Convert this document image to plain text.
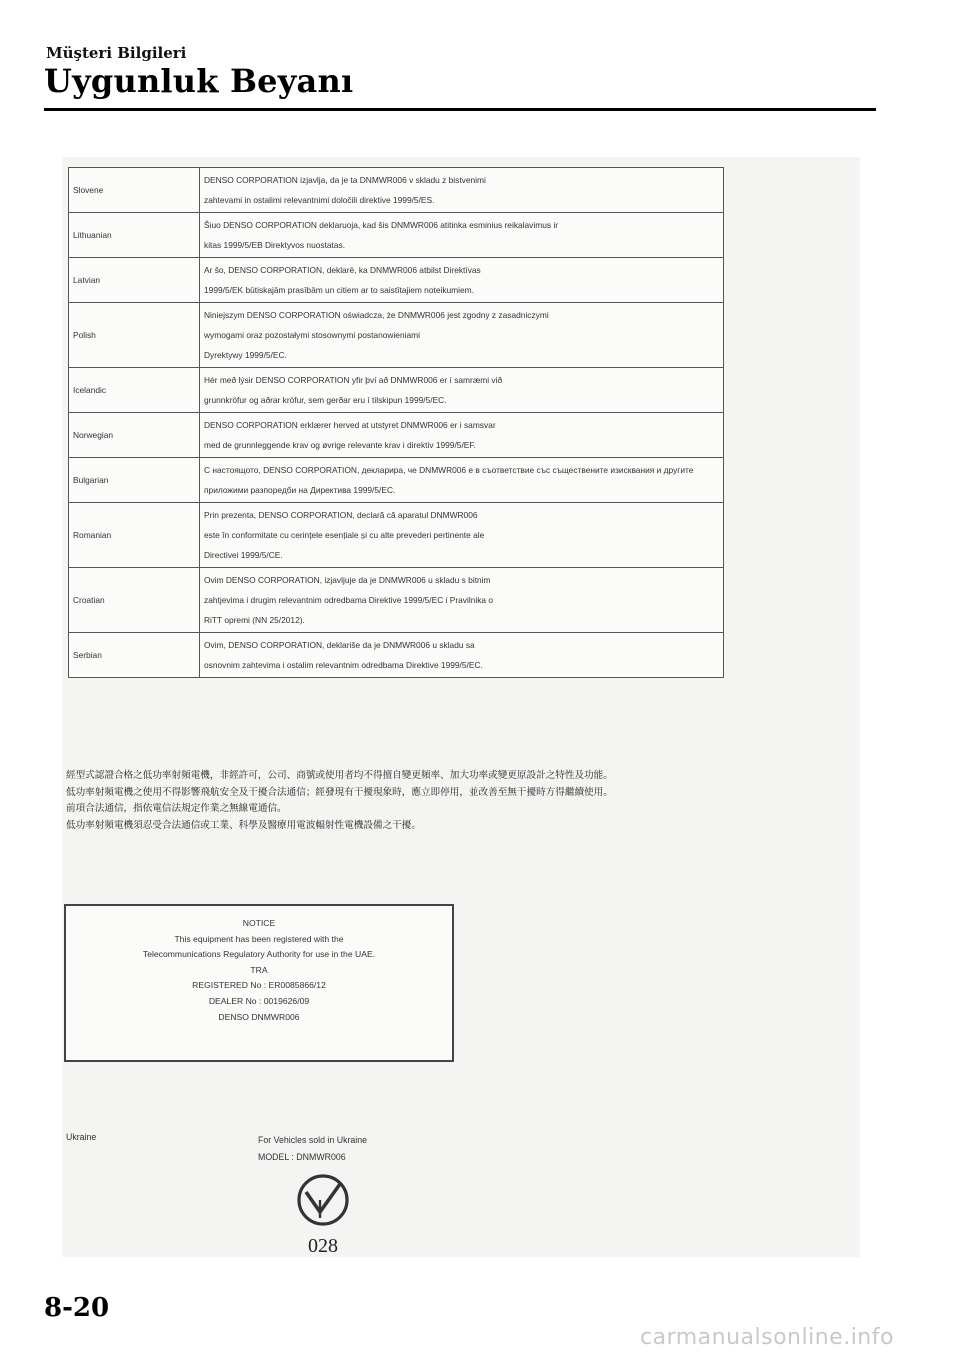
Müşteri Bilgileri
Uygunluk Beyanı
Slovene	DENSO CORPORATION izjavlja, da je ta DNMWR006 v skladu z bistvenimi
zahtevami in ostalimi relevantnimi določili direktive 1999/5/ES.
Lithuanian	Šiuo DENSO CORPORATION deklaruoja, kad šis DNMWR006 atitinka esminius reikalavimus ir
kitas 1999/5/EB Direktyvos nuostatas.
Latvian	Ar šo, DENSO CORPORATION, deklarē, ka DNMWR006 atbilst Direktīvas
1999/5/EK būtiskajām prasībām un citiem ar to saistītajiem noteikumiem.
Polish	Niniejszym DENSO CORPORATION oświadcza, że DNMWR006 jest zgodny z zasadniczymi
wymogami oraz pozostałymi stosownymi postanowieniami
Dyrektywy 1999/5/EC.
Icelandic	Hér með lýsir DENSO CORPORATION yfir því að DNMWR006 er í samræmi við
grunnkröfur og aðrar kröfur, sem gerðar eru í tilskipun 1999/5/EC.
Norwegian	DENSO CORPORATION erklærer herved at utstyret DNMWR006 er i samsvar
med de grunnleggende krav og øvrige relevante krav i direktiv 1999/5/EF.
Bulgarian	С настоящото, DENSO CORPORATION, декларира, че DNMWR006 е в съответствие със съществените изисквания и другите приложими разпоредби на Директива 1999/5/ЕС.
Romanian	Prin prezenta, DENSO CORPORATION, declară că aparatul DNMWR006
este în conformitate cu cerințele esențiale și cu alte prevederi pertinente ale
Directivei 1999/5/CE.
Croatian	Ovim DENSO CORPORATION, izjavljuje da je DNMWR006 u skladu s bitnim
zahtjevima i drugim relevantnim odredbama Direktive 1999/5/EC i Pravilnika o
RiTT opremi (NN 25/2012).
Serbian	Ovim, DENSO CORPORATION, deklariše da je DNMWR006 u skladu sa
osnovnim zahtevima i ostalim relevantnim odredbama Direktive 1999/5/EC.
經型式認證合格之低功率射頻電機，非經許可，公司、商號或使用者均不得擅自變更頻率、加大功率或變更原設計之特性及功能。
低功率射頻電機之使用不得影響飛航安全及干擾合法通信；經發現有干擾現象時，應立即停用，並改善至無干擾時方得繼續使用。
前項合法通信，指依電信法規定作業之無線電通信。
低功率射頻電機須忍受合法通信或工業、科學及醫療用電波輻射性電機設備之干擾。
NOTICE
This equipment has been registered with the
Telecommunications Regulatory Authority for use in the UAE.
TRA
REGISTERED No : ER0085866/12
DEALER No : 0019626/09
DENSO DNMWR006
Ukraine	For Vehicles sold in Ukraine
MODEL : DNMWR006
028
8-20
carmanualsonline.info
